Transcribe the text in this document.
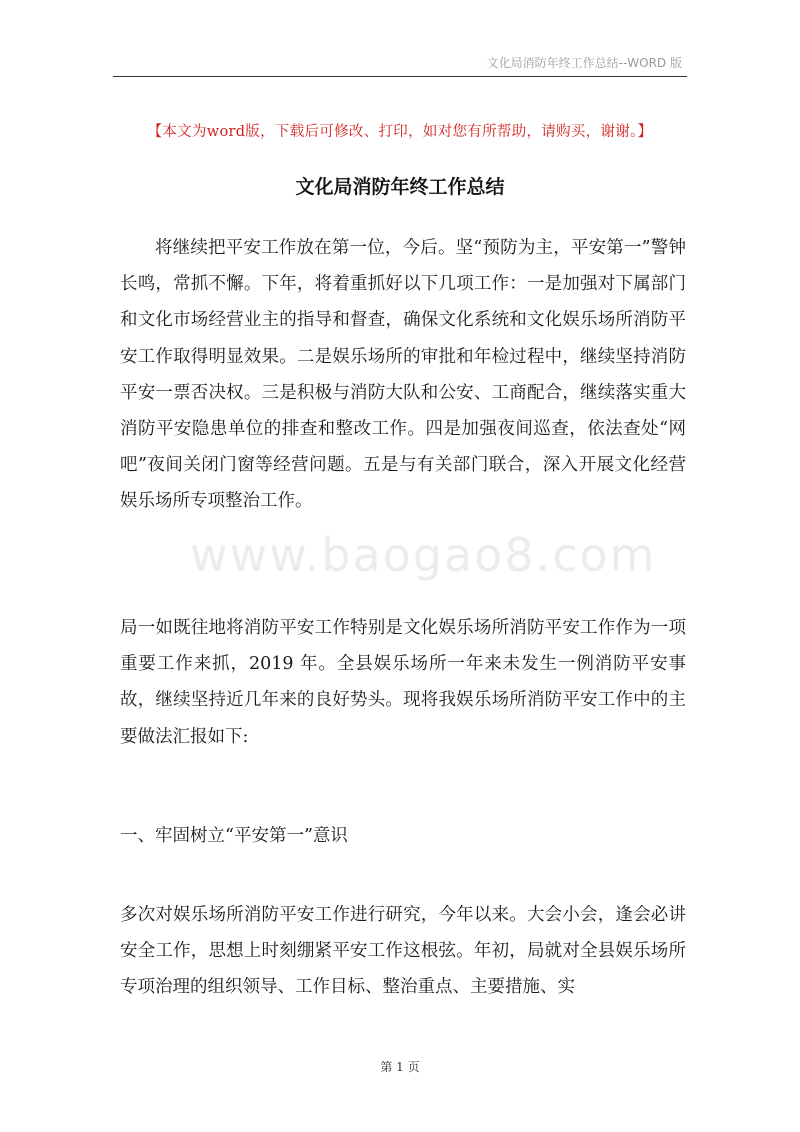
文化局消防年终工作总结--WORD 版
【本文为word版，下载后可修改、打印，如对您有所帮助，请购买，谢谢。】
文化局消防年终工作总结
www.baogao8.com

将继续把平安工作放在第一位，今后。坚“预防为主，平安第一”警钟长鸣，常抓不懈。下年，将着重抓好以下几项工作：一是加强对下属部门和文化市场经营业主的指导和督查，确保文化系统和文化娱乐场所消防平安工作取得明显效果。二是娱乐场所的审批和年检过程中，继续坚持消防平安一票否决权。三是积极与消防大队和公安、工商配合，继续落实重大消防平安隐患单位的排查和整改工作。四是加强夜间巡查，依法查处“网吧”夜间关闭门窗等经营问题。五是与有关部门联合，深入开展文化经营娱乐场所专项整治工作。

局一如既往地将消防平安工作特别是文化娱乐场所消防平安工作作为一项重要工作来抓，2019 年。全县娱乐场所一年来未发生一例消防平安事故，继续坚持近几年来的良好势头。现将我娱乐场所消防平安工作中的主要做法汇报如下:

一、牢固树立“平安第一”意识

多次对娱乐场所消防平安工作进行研究，今年以来。大会小会，逢会必讲安全工作，思想上时刻绷紧平安工作这根弦。年初，局就对全县娱乐场所专项治理的组织领导、工作目标、整治重点、主要措施、实

第 1 页
